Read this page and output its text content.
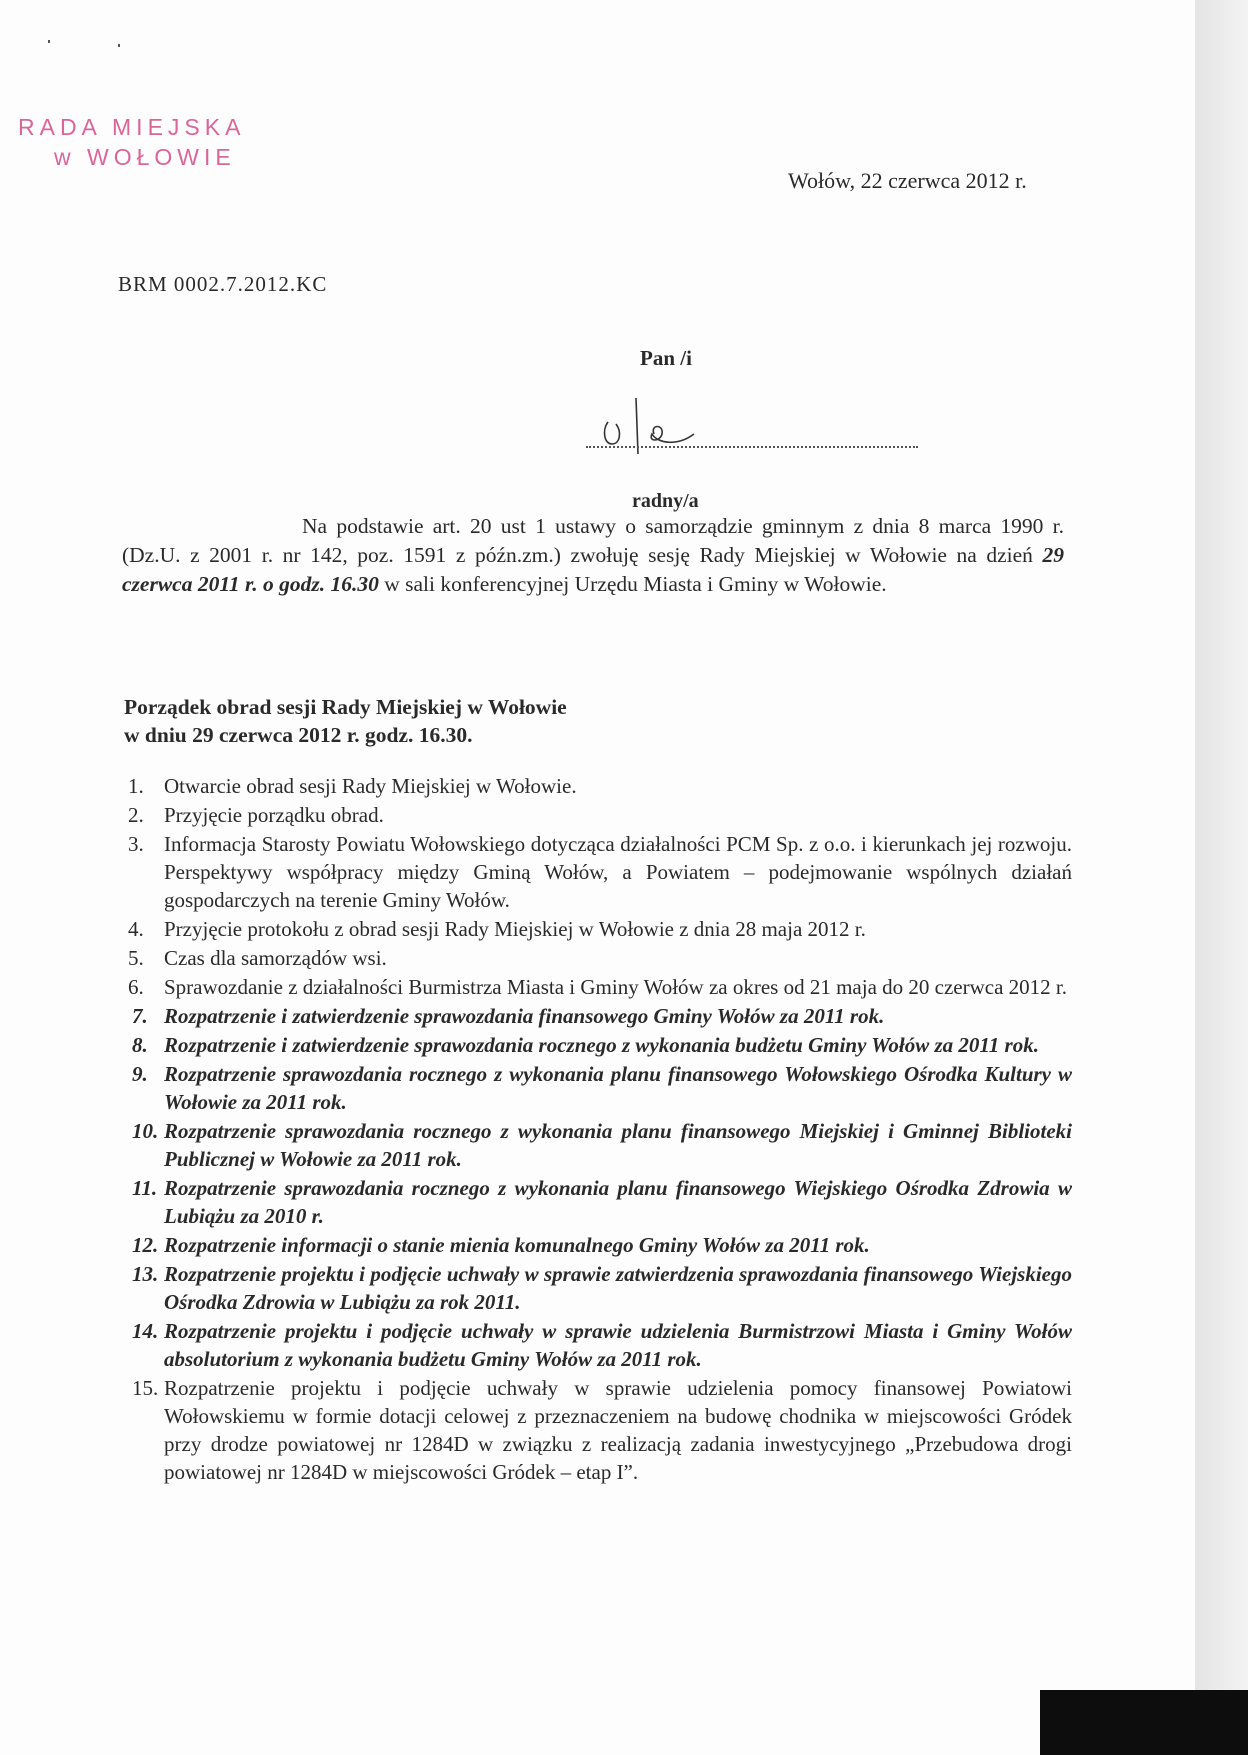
RADA MIEJSKA
w WOŁOWIE
Wołów, 22 czerwca 2012 r.
BRM 0002.7.2012.KC
Pan /i
radny/a

Na podstawie art. 20 ust 1 ustawy o samorządzie gminnym z dnia 8 marca 1990 r. (Dz.U. z 2001 r. nr 142, poz. 1591 z późn.zm.) zwołuję sesję Rady Miejskiej w Wołowie na dzień 29 czerwca 2011 r. o godz. 16.30 w sali konferencyjnej Urzędu Miasta i Gminy w Wołowie.

Porządek obrad sesji Rady Miejskiej w Wołowie
w dniu 29 czerwca 2012 r. godz. 16.30.
1. Otwarcie obrad sesji Rady Miejskiej w Wołowie.
2. Przyjęcie porządku obrad.
3. Informacja Starosty Powiatu Wołowskiego dotycząca działalności PCM Sp. z o.o. i kierunkach jej rozwoju. Perspektywy współpracy między Gminą Wołów, a Powiatem – podejmowanie wspólnych działań gospodarczych na terenie Gminy Wołów.
4. Przyjęcie protokołu z obrad sesji Rady Miejskiej w Wołowie z dnia 28 maja 2012 r.
5. Czas dla samorządów wsi.
6. Sprawozdanie z działalności Burmistrza Miasta i Gminy Wołów za okres od 21 maja do 20 czerwca 2012 r.
7. Rozpatrzenie i zatwierdzenie sprawozdania finansowego Gminy Wołów za 2011 rok.
8. Rozpatrzenie i zatwierdzenie sprawozdania rocznego z wykonania budżetu Gminy Wołów za 2011 rok.
9. Rozpatrzenie sprawozdania rocznego z wykonania planu finansowego Wołowskiego Ośrodka Kultury w Wołowie za 2011 rok.
10. Rozpatrzenie sprawozdania rocznego z wykonania planu finansowego Miejskiej i Gminnej Biblioteki Publicznej w Wołowie za 2011 rok.
11. Rozpatrzenie sprawozdania rocznego z wykonania planu finansowego Wiejskiego Ośrodka Zdrowia w Lubiążu za 2010 r.
12. Rozpatrzenie informacji o stanie mienia komunalnego Gminy Wołów za 2011 rok.
13. Rozpatrzenie projektu i podjęcie uchwały w sprawie zatwierdzenia sprawozdania finansowego Wiejskiego Ośrodka Zdrowia w Lubiążu za rok 2011.
14. Rozpatrzenie projektu i podjęcie uchwały w sprawie udzielenia Burmistrzowi Miasta i Gminy Wołów absolutorium z wykonania budżetu Gminy Wołów za 2011 rok.
15. Rozpatrzenie projektu i podjęcie uchwały w sprawie udzielenia pomocy finansowej Powiatowi Wołowskiemu w formie dotacji celowej z przeznaczeniem na budowę chodnika w miejscowości Gródek przy drodze powiatowej nr 1284D w związku z realizacją zadania inwestycyjnego „Przebudowa drogi powiatowej nr 1284D w miejscowości Gródek – etap I”.
